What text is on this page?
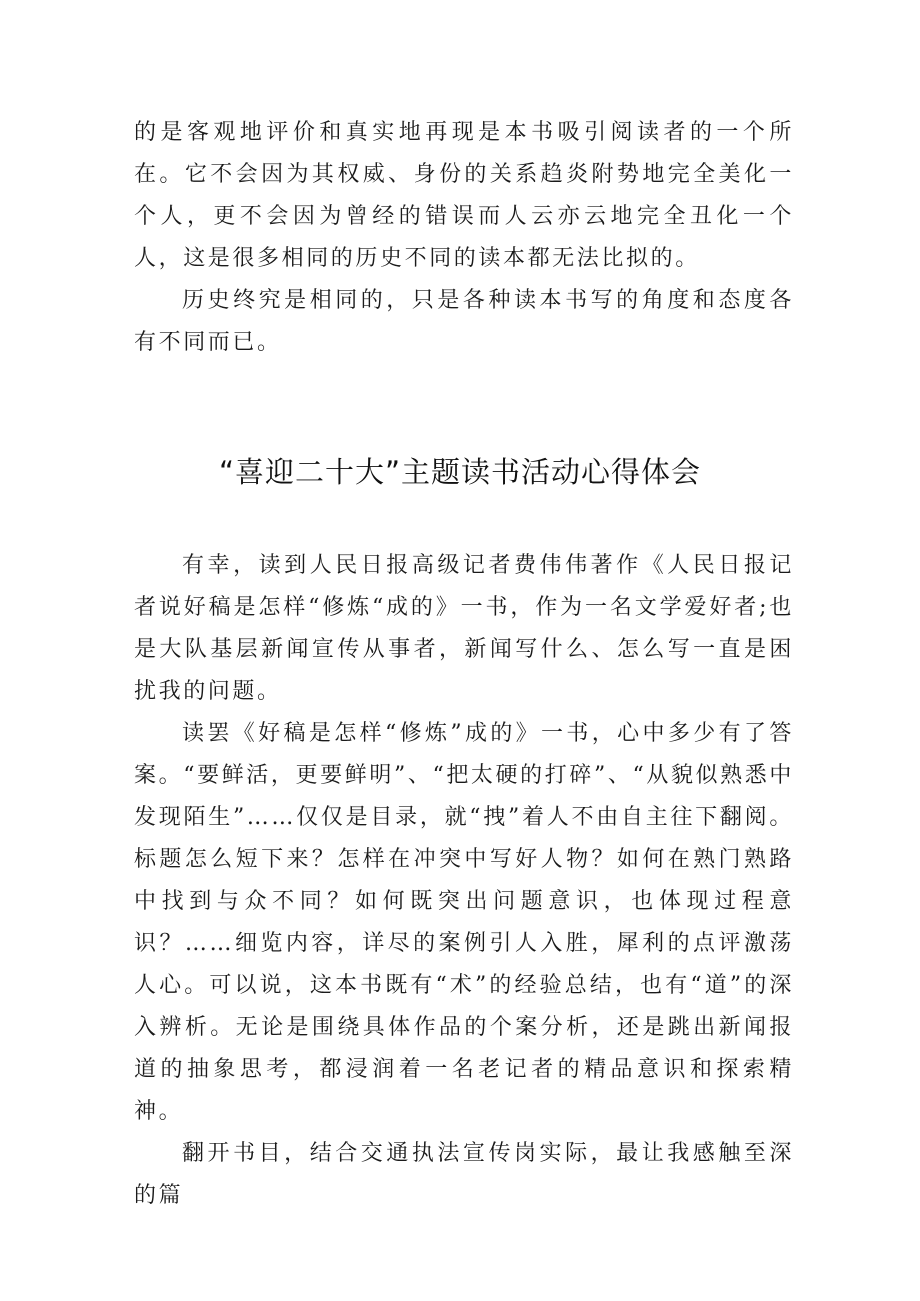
的是客观地评价和真实地再现是本书吸引阅读者的一个所在。它不会因为其权威、身份的关系趋炎附势地完全美化一个人，更不会因为曾经的错误而人云亦云地完全丑化一个人，这是很多相同的历史不同的读本都无法比拟的。

历史终究是相同的，只是各种读本书写的角度和态度各有不同而已。

“喜迎二十大”主题读书活动心得体会

有幸，读到人民日报高级记者费伟伟著作《人民日报记者说好稿是怎样“修炼“成的》一书，作为一名文学爱好者;也是大队基层新闻宣传从事者，新闻写什么、怎么写一直是困扰我的问题。

读罢《好稿是怎样“修炼”成的》一书，心中多少有了答案。“要鲜活，更要鲜明”、“把太硬的打碎”、“从貌似熟悉中发现陌生”……仅仅是目录，就“拽”着人不由自主往下翻阅。标题怎么短下来？怎样在冲突中写好人物？如何在熟门熟路中找到与众不同？如何既突出问题意识，也体现过程意识？……细览内容，详尽的案例引人入胜，犀利的点评激荡人心。可以说，这本书既有“术”的经验总结，也有“道”的深入辨析。无论是围绕具体作品的个案分析，还是跳出新闻报道的抽象思考，都浸润着一名老记者的精品意识和探索精神。

翻开书目，结合交通执法宣传岗实际，最让我感触至深的篇
